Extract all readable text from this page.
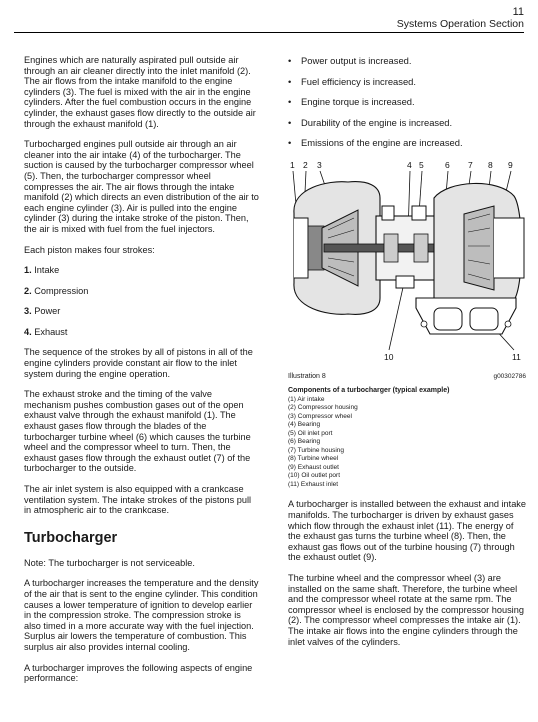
11
Systems Operation Section

Engines which are naturally aspirated pull outside air through an air cleaner directly into the inlet manifold (2). The air flows from the intake manifold to the engine cylinders (3). The fuel is mixed with the air in the engine cylinders. After the fuel combustion occurs in the engine cylinder, the exhaust gases flow directly to the outside air through the exhaust manifold (1).

Turbocharged engines pull outside air through an air cleaner into the air intake (4) of the turbocharger. The suction is caused by the turbocharger compressor wheel (5). Then, the turbocharger compressor wheel compresses the air. The air flows through the intake manifold (2) which directs an even distribution of the air to each engine cylinder (3). Air is pulled into the engine cylinder (3) during the intake stroke of the piston. Then, the air is mixed with fuel from the fuel injectors.

Each piston makes four strokes:

1. Intake
2. Compression
3. Power
4. Exhaust

The sequence of the strokes by all of pistons in all of the engine cylinders provide constant air flow to the inlet system during the engine operation.

The exhaust stroke and the timing of the valve mechanism pushes combustion gases out of the open exhaust valve through the exhaust manifold (1). The exhaust gases flow through the blades of the turbocharger turbine wheel (6) which causes the turbine wheel and the compressor wheel to turn. Then, the exhaust gases flow through the exhaust outlet (7) of the turbocharger to the outside.

The air inlet system is also equipped with a crankcase ventilation system. The intake strokes of the pistons pull in atmospheric air to the crankcase.

Turbocharger

Note: The turbocharger is not serviceable.

A turbocharger increases the temperature and the density of the air that is sent to the engine cylinder. This condition causes a lower temperature of ignition to develop earlier in the compression stroke. The compression stroke is also timed in a more accurate way with the fuel injection. Surplus air lowers the temperature of combustion. This surplus air also provides internal cooling.

A turbocharger improves the following aspects of engine performance:

• Power output is increased.
• Fuel efficiency is increased.
• Engine torque is increased.
• Durability of the engine is increased.
• Emissions of the engine are increased.
1 2 3	4 5	6 7 8 9
10	11
Illustration 8	g00302786
Components of a turbocharger (typical example)
(1) Air intake
(2) Compressor housing
(3) Compressor wheel
(4) Bearing
(5) Oil inlet port
(6) Bearing
(7) Turbine housing
(8) Turbine wheel
(9) Exhaust outlet
(10) Oil outlet port
(11) Exhaust inlet

A turbocharger is installed between the exhaust and intake manifolds. The turbocharger is driven by exhaust gases which flow through the exhaust inlet (11). The energy of the exhaust gas turns the turbine wheel (8). Then, the exhaust gas flows out of the turbine housing (7) through the exhaust outlet (9).

The turbine wheel and the compressor wheel (3) are installed on the same shaft. Therefore, the turbine wheel and the compressor wheel rotate at the same rpm. The compressor wheel is enclosed by the compressor housing (2). The compressor wheel compresses the intake air (1). The intake air flows into the engine cylinders through the inlet valves of the cylinders.
